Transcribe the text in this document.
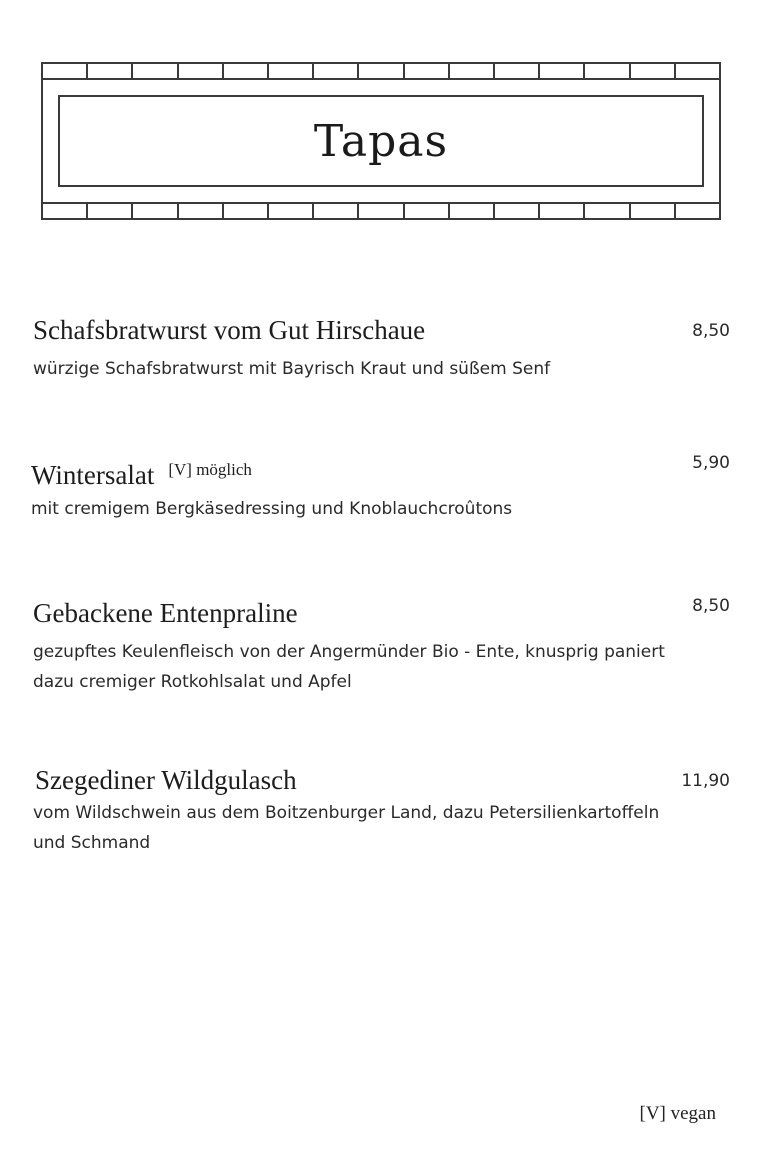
Tapas
Schafsbratwurst vom Gut Hirschaue
würzige Schafsbratwurst mit Bayrisch Kraut und süßem Senf
8,50
Wintersalat $^{[V] möglich}$
mit cremigem Bergkäsedressing und Knoblauchcroûtons
5,90
Gebackene Entenpraline
gezupftes Keulenfleisch von der Angermünder Bio - Ente, knusprig paniert dazu cremiger Rotkohlsalat und Apfel
8,50
Szegediner Wildgulasch
vom Wildschwein aus dem Boitzenburger Land, dazu Petersilienkartoffeln und Schmand
11,90
[V] vegan
